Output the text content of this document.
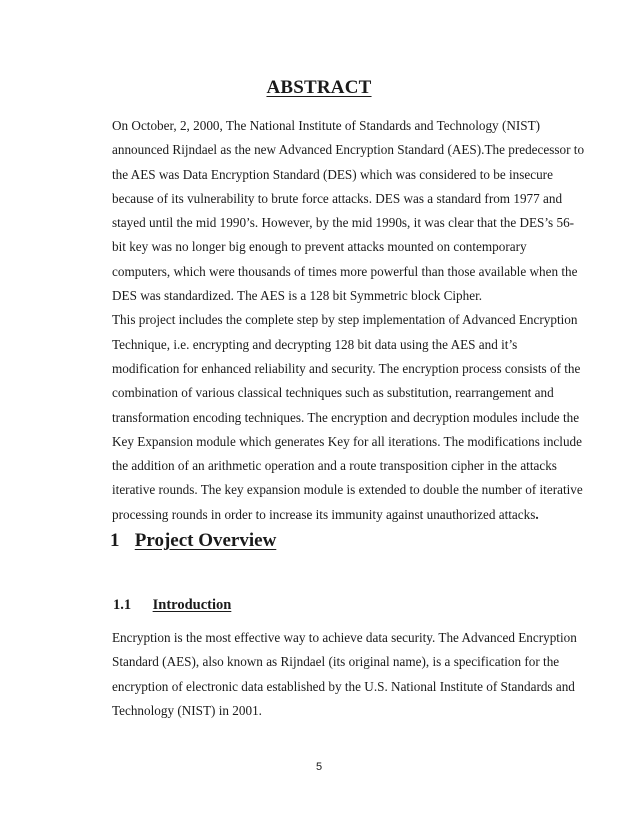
ABSTRACT
On October, 2, 2000, The National Institute of Standards and Technology (NIST)
announced Rijndael as the new Advanced Encryption Standard (AES).The predecessor to
the AES was Data Encryption Standard (DES) which was considered to be insecure
because of its vulnerability to brute force attacks. DES was a standard from 1977 and
stayed until the mid 1990’s. However, by the mid 1990s, it was clear that the DES’s 56-
bit key was no longer big enough to prevent attacks mounted on contemporary
computers, which were thousands of times more powerful than those available when the
DES was standardized. The AES is a 128 bit Symmetric block Cipher.
This project includes the complete step by step implementation of Advanced Encryption
Technique, i.e. encrypting and decrypting 128 bit data using the AES and it’s
modification for enhanced reliability and security. The encryption process consists of the
combination of various classical techniques such as substitution, rearrangement and
transformation encoding techniques. The encryption and decryption modules include the
Key Expansion module which generates Key for all iterations. The modifications include
the addition of an arithmetic operation and a route transposition cipher in the attacks
iterative rounds. The key expansion module is extended to double the number of iterative
processing rounds in order to increase its immunity against unauthorized attacks.
1 Project Overview
1.1 Introduction
Encryption is the most effective way to achieve data security. The Advanced Encryption
Standard (AES), also known as Rijndael (its original name), is a specification for the
encryption of electronic data established by the U.S. National Institute of Standards and
Technology (NIST) in 2001.
5
